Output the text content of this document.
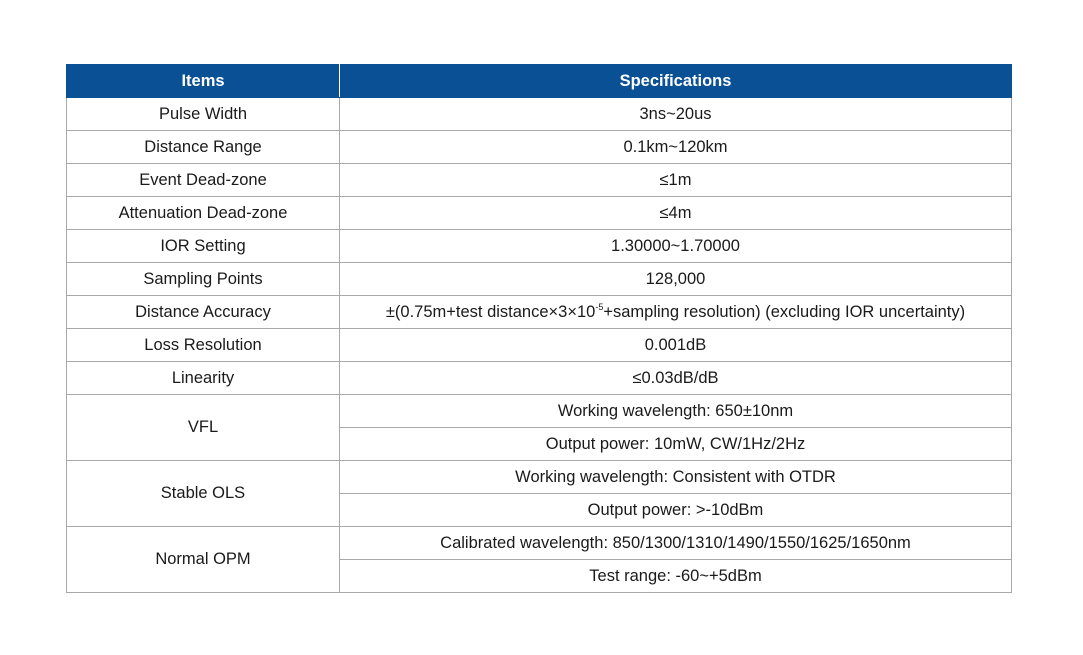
Items	Specifications
Pulse Width	3ns~20us
Distance Range	0.1km~120km
Event Dead-zone	≤1m
Attenuation Dead-zone	≤4m
IOR Setting	1.30000~1.70000
Sampling Points	128,000
Distance Accuracy	±(0.75m+test $distance\times 3\times 10^{-5}+sampling$ resolution) (excluding IOR uncertainty)
Loss Resolution	0.001dB
Linearity	≤0.03dB/dB
VFL	Working wavelength: 650±10nm
	Output power: 10mW, CW/1Hz/2Hz
Stable OLS	Working wavelength: Consistent with OTDR
	Output power: >-10dBm
Normal OPM	Calibrated wavelength: 850/1300/1310/1490/1550/1625/1650nm
	Test range: -60~+5dBm
